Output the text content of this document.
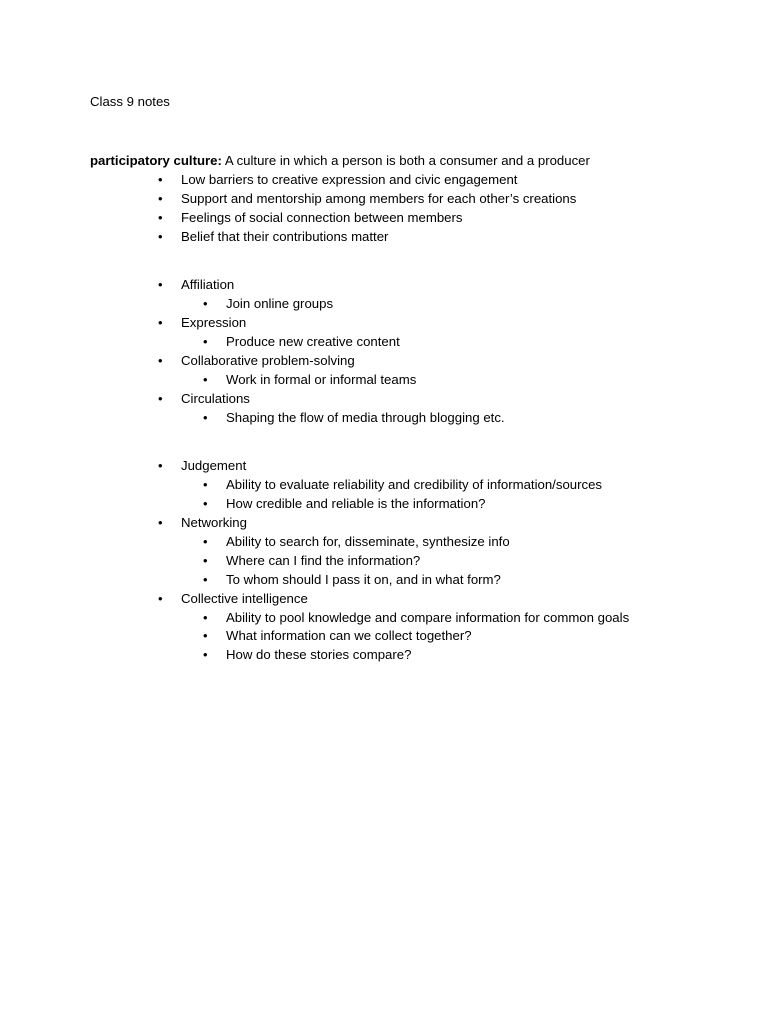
Class 9 notes
participatory culture: A culture in which a person is both a consumer and a producer
• Low barriers to creative expression and civic engagement
• Support and mentorship among members for each other’s creations
• Feelings of social connection between members
• Belief that their contributions matter
• Affiliation
• Join online groups
• Expression
• Produce new creative content
• Collaborative problem-solving
• Work in formal or informal teams
• Circulations
• Shaping the flow of media through blogging etc.
• Judgement
• Ability to evaluate reliability and credibility of information/sources
• How credible and reliable is the information?
• Networking
• Ability to search for, disseminate, synthesize info
• Where can I find the information?
• To whom should I pass it on, and in what form?
• Collective intelligence
• Ability to pool knowledge and compare information for common goals
• What information can we collect together?
• How do these stories compare?
